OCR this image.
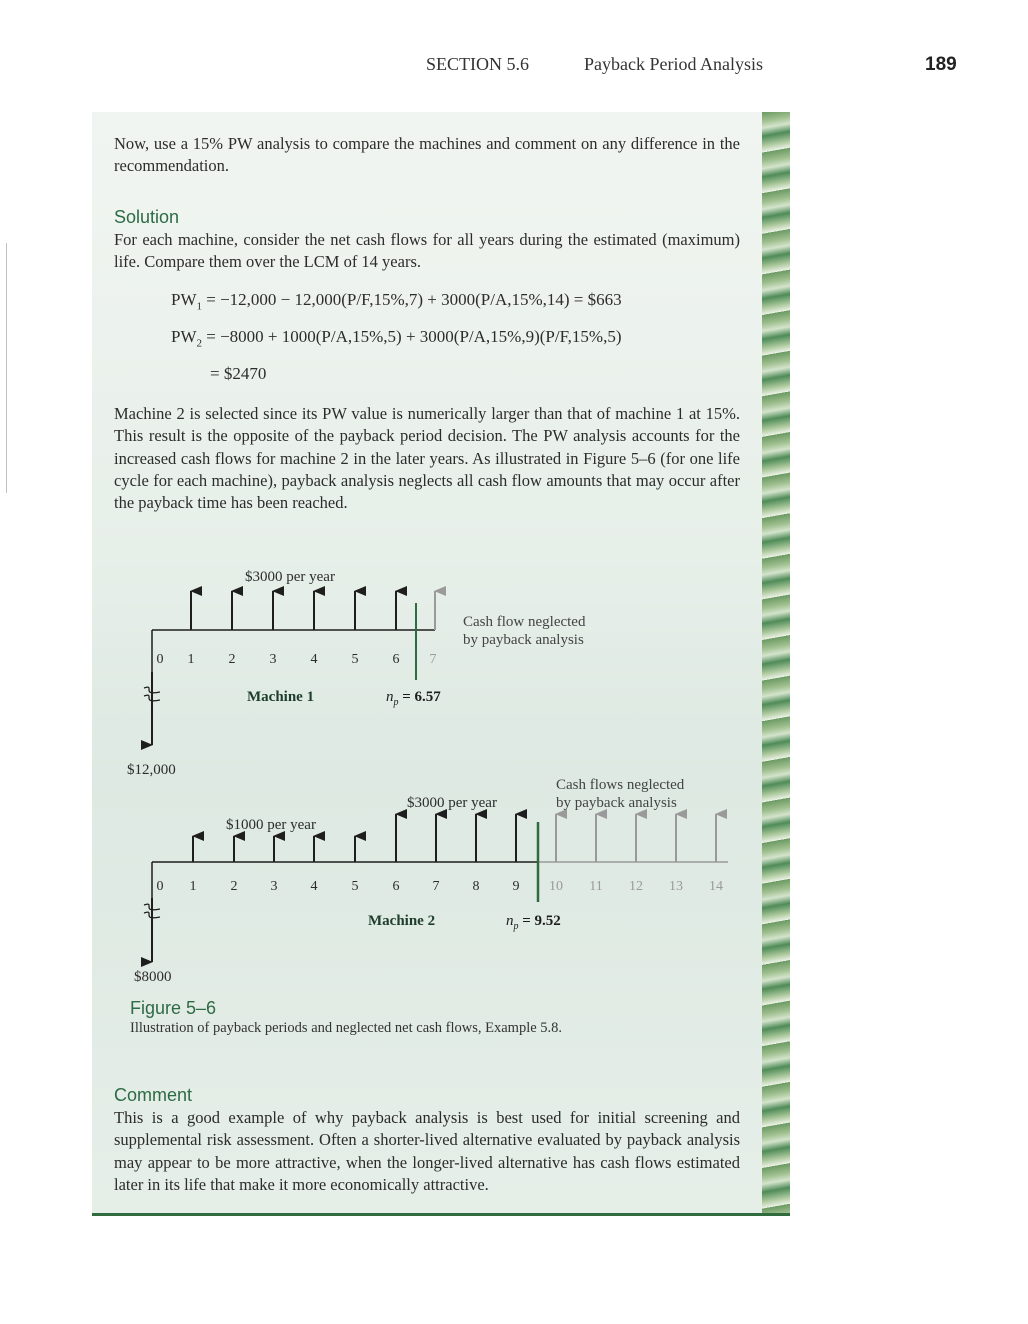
SECTION 5.6	Payback Period Analysis	189
Now, use a 15% PW analysis to compare the machines and comment on any difference in the recommendation.
Solution
For each machine, consider the net cash flows for all years during the estimated (maximum) life. Compare them over the LCM of 14 years.
$PW_1 = -12,000 - 12,000(P/F,15\%,7) + 3000(P/A,15\%,14)$ = $663
$PW_2 = -8000 + 1000(P/A,15\%,5) + 3000(P/A,15\%,9)(P/F,15\%,5)$
= $2470
Machine 2 is selected since its PW value is numerically larger than that of machine 1 at 15%. This result is the opposite of the payback period decision. The PW analysis accounts for the increased cash flows for machine 2 in the later years. As illustrated in Figure 5–6 (for one life cycle for each machine), payback analysis neglects all cash flow amounts that may occur after the payback time has been reached.
$3000 per year
0 1 2 3 4 5 6 7
Cash flow neglected
by payback analysis
Machine 1	$n_p = 6.57$
$12,000
$1000 per year
$3000 per year
Cash flows neglected
by payback analysis
0 1 2 3 4 5 6 7 8 9 10 11 12 13 14
Machine 2	$n_p = 9.52$
$8000
Figure 5–6
Illustration of payback periods and neglected net cash flows, Example 5.8.
Comment
This is a good example of why payback analysis is best used for initial screening and supplemental risk assessment. Often a shorter-lived alternative evaluated by payback analysis may appear to be more attractive, when the longer-lived alternative has cash flows estimated later in its life that make it more economically attractive.
